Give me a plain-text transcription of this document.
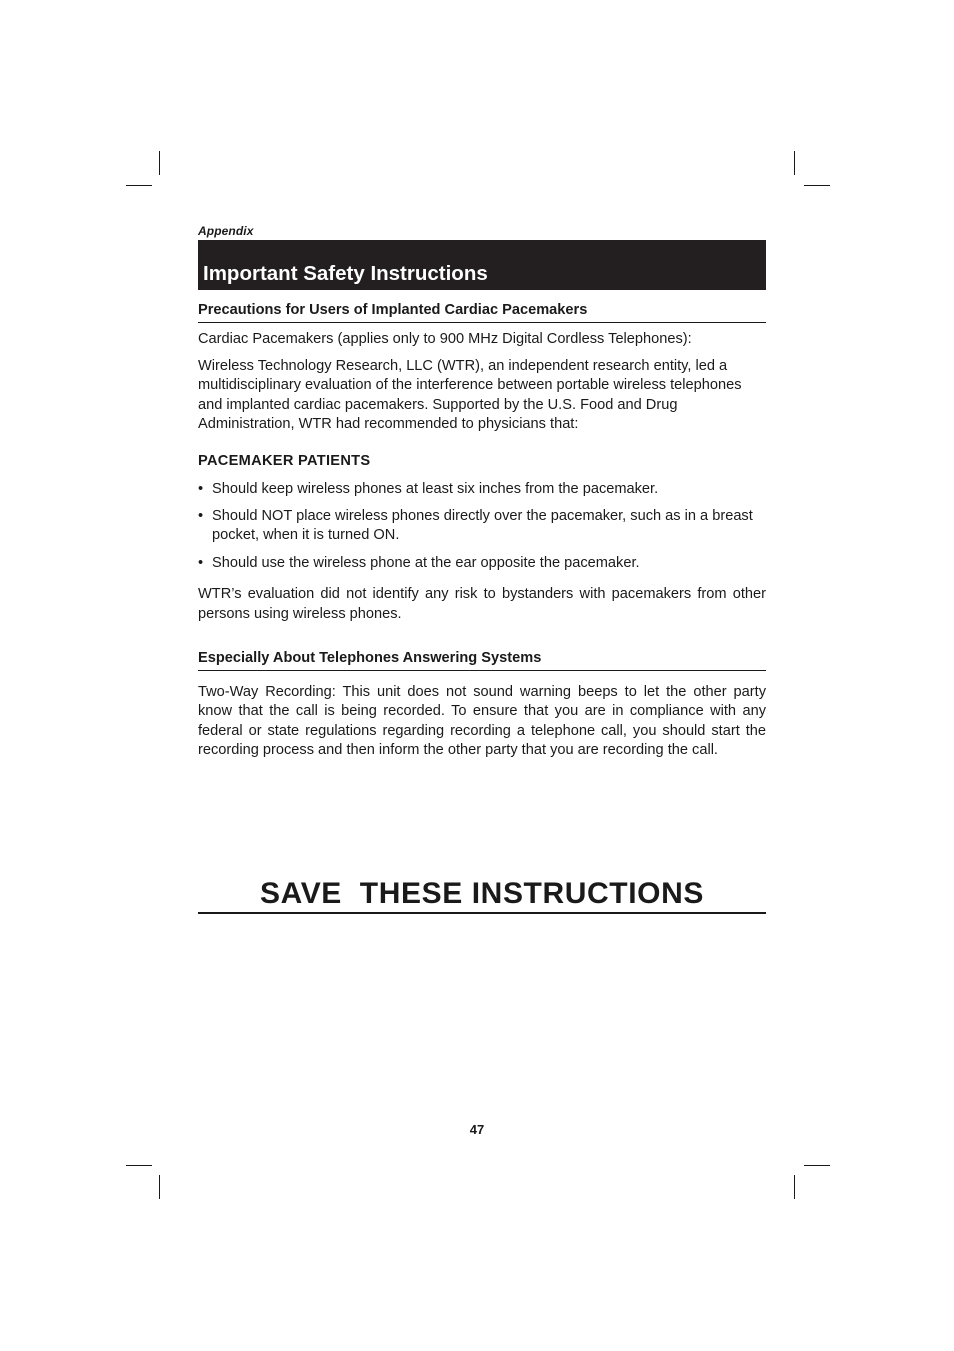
Appendix
Important Safety Instructions
Precautions for Users of Implanted Cardiac Pacemakers

Cardiac Pacemakers (applies only to 900 MHz Digital Cordless Telephones):

Wireless Technology Research, LLC (WTR), an independent research entity, led a multidisciplinary evaluation of the interference between portable wireless telephones and implanted cardiac pacemakers. Supported by the U.S. Food and Drug Administration, WTR had recommended to physicians that:

PACEMAKER PATIENTS

• Should keep wireless phones at least six inches from the pacemaker.
• Should NOT place wireless phones directly over the pacemaker, such as in a breast pocket, when it is turned ON.
• Should use the wireless phone at the ear opposite the pacemaker.

WTR’s evaluation did not identify any risk to bystanders with pacemakers from other persons using wireless phones.

Especially About Telephones Answering Systems

Two-Way Recording: This unit does not sound warning beeps to let the other party know that the call is being recorded. To ensure that you are in compliance with any federal or state regulations regarding recording a telephone call, you should start the recording process and then inform the other party that you are recording the call.

SAVE  THESE INSTRUCTIONS
47
